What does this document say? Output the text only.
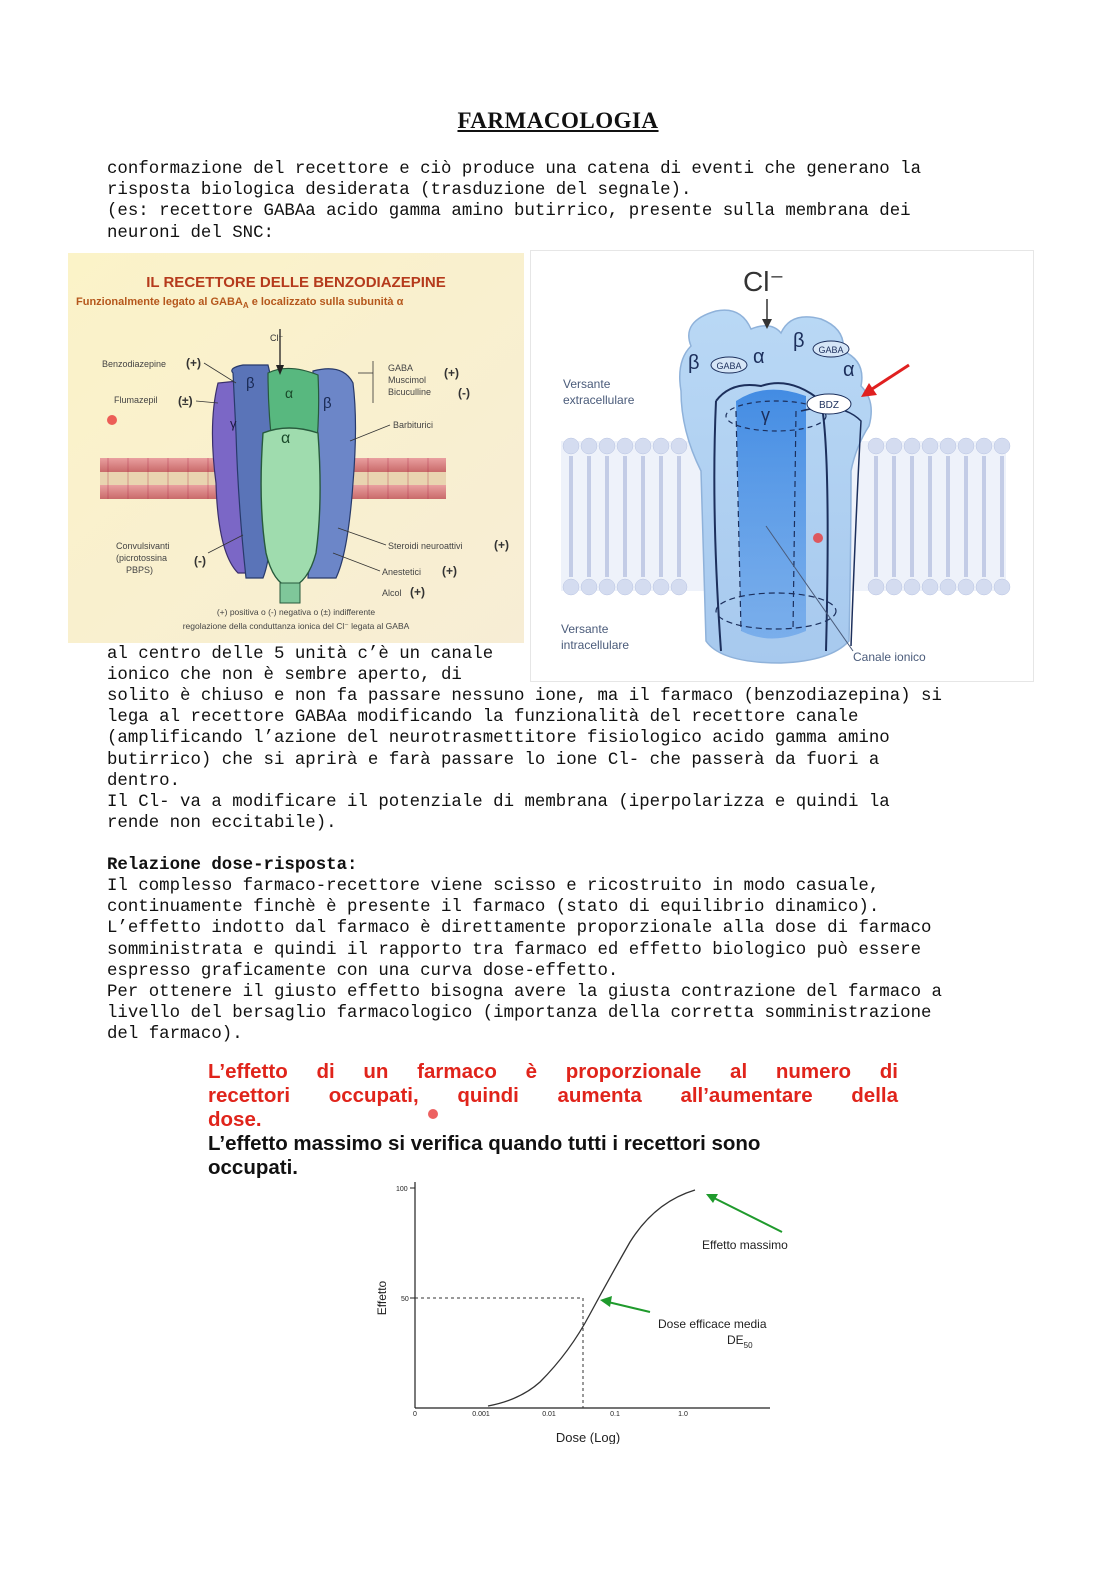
FARMACOLOGIA

conformazione del recettore e ciò produce una catena di eventi che generano la
risposta biologica desiderata (trasduzione del segnale).
(es: recettore GABAa acido gamma amino butirrico, presente sulla membrana dei
neuroni del SNC:

IL RECETTORE DELLE BENZODIAZEPINE
Funzionalmente legato al $GABA_A$ e localizzato sulla subunità α
Cl⁻
β
α
β
γ
α
Benzodiazepine (+)
Flumazepil (±)
Convulsivanti (picrotossina PBPS)
(-)
GABA Muscimol Bicuculline
(+)
(-)
Barbiturici
Steroidi neuroattivi	(+)
Anestetici (+)
Alcol (+)
(+) positiva o (-) negativa o (±) indifferente
regolazione della conduttanza ionica del Cl⁻ legata al GABA
Cl⁻
β GABA α
β GABA
α
γ	BDZ
Versante extracellulare
Versante intracellulare
Canale ionico

al centro delle 5 unità c’è un canale
ionico che non è sembre aperto, di

solito è chiuso e non fa passare nessuno ione, ma il farmaco (benzodiazepina) si
lega al recettore GABAa modificando la funzionalità del recettore canale
(amplificando l’azione del neurotrasmettitore fisiologico acido gamma amino
butirrico) che si aprirà e farà passare lo ione Cl- che passerà da fuori a
dentro.
Il Cl- va a modificare il potenziale di membrana (iperpolarizza e quindi la
rende non eccitabile).

Relazione dose-risposta:

Il complesso farmaco-recettore viene scisso e ricostruito in modo casuale,
continuamente finchè è presente il farmaco (stato di equilibrio dinamico).
L’effetto indotto dal farmaco è direttamente proporzionale alla dose di farmaco
somministrata e quindi il rapporto tra farmaco ed effetto biologico può essere
espresso graficamente con una curva dose-effetto.
Per ottenere il giusto effetto bisogna avere la giusta contrazione del farmaco a
livello del bersaglio farmacologico (importanza della corretta somministrazione
del farmaco).

L’effetto di un farmaco è proporzionale al numero di
recettori occupati, quindi aumenta all’aumentare della
dose.
L’effetto massimo si verifica quando tutti i recettori sono
occupati.
100
50
Effetto
0	0.001	0.01	0.1	1.0
Dose (Log)
Effetto massimo
Dose efficace media
$DE_{50}$
